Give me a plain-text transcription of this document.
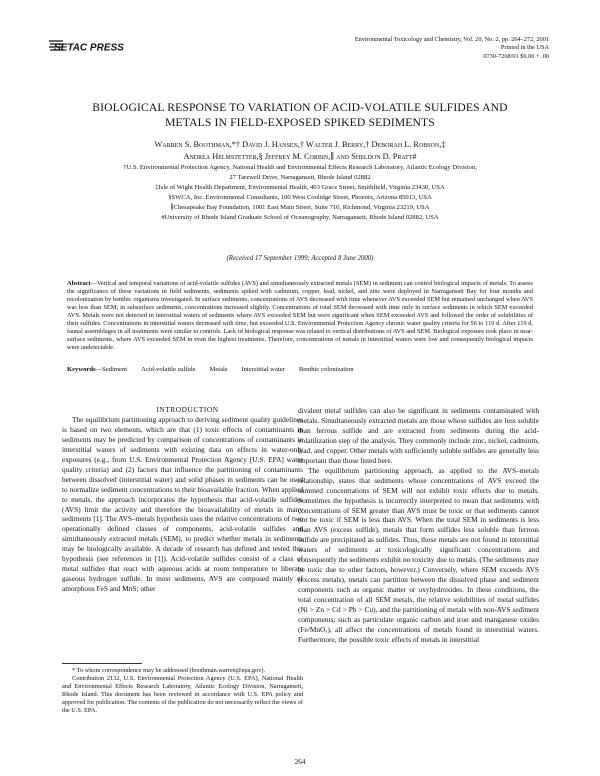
SETAC PRESS
Environmental Toxicology and Chemistry, Vol. 20, No. 2, pp. 264–272, 2001
Printed in the USA
0730-7268/01 $9.00 + .00
BIOLOGICAL RESPONSE TO VARIATION OF ACID-VOLATILE SULFIDES AND
METALS IN FIELD-EXPOSED SPIKED SEDIMENTS
Warren S. Boothman,*† David J. Hansen,† Walter J. Berry,† Deborah L. Robson,‡
Andrea Helmstetter,§ Jeffrey M. Corbin,∥ and Sheldon D. Pratt#
†U.S. Environmental Protection Agency, National Health and Environmental Effects Research Laboratory, Atlantic Ecology Division,
27 Tarzwell Drive, Narragansett, Rhode Island 02882
‡Isle of Wight Health Department, Environmental Health, 403 Grace Street, Smithfield, Virginia 23430, USA
§SWCA, Inc. Environmental Consultants, 100 West Coolidge Street, Phoenix, Arizona 85013, USA
∥Chesapeake Bay Foundation, 1001 East Main Street, Suite 710, Richmond, Virginia 23219, USA
#University of Rhode Island Graduate School of Oceanography, Narragansett, Rhode Island 02882, USA
(Received 17 September 1999; Accepted 8 June 2000)

Abstract—Vertical and temporal variations of acid-volatile sulfides (AVS) and simultaneously extracted metals (SEM) in sediment can control biological impacts of metals. To assess the significance of these variations in field sediments, sediments spiked with cadmium, copper, lead, nickel, and zinc were deployed in Narragansett Bay for four months and recolonization by benthic organisms investigated. In surface sediments, concentrations of AVS decreased with time whenever AVS exceeded SEM but remained unchanged when AVS was less than SEM; in subsurface sediments, concentrations increased slightly. Concentrations of total SEM decreased with time only in surface sediments in which SEM exceeded AVS. Metals were not detected in interstitial waters of sediments where AVS exceeded SEM but were significant when SEM exceeded AVS and followed the order of solubilities of their sulfides. Concentrations in interstitial waters decreased with time, but exceeded U.S. Environmental Protection Agency chronic water quality criteria for 56 to 119 d. After 119 d, faunal assemblages in all treatments were similar to controls. Lack of biological response was related to vertical distributions of AVS and SEM. Biological exposure took place in near-surface sediments, where AVS exceeded SEM in even the highest treatments. Therefore, concentrations of metals in interstitial waters were low and consequently biological impacts were undetectable.

Keywords—Sediment Acid-volatile sulfide Metals Interstitial water Benthic colonization

INTRODUCTION

The equilibrium partitioning approach to deriving sediment quality guidelines is based on two elements, which are that (1) toxic effects of contaminants in sediments may be predicted by comparison of concentrations of contaminants in interstitial waters of sediments with existing data on effects in water-only exposures (e.g., from U.S. Environmental Protection Agency [U.S. EPA] water quality criteria) and (2) factors that influence the partitioning of contaminants between dissolved (interstitial water) and solid phases in sediments can be used to normalize sediment concentrations to their bioavailable fraction. When applied to metals, the approach incorporates the hypothesis that acid-volatile sulfides (AVS) limit the activity and therefore the bioavailability of metals in many sediments [1]. The AVS–metals hypothesis uses the relative concentrations of two operationally defined classes of components, acid-volatile sulfides and simultaneously extracted metals (SEM), to predict whether metals in sediments may be biologically available. A decade of research has defined and tested this hypothesis (see references in [1]). Acid-volatile sulfides consist of a class of metal sulfides that react with aqueous acids at room temperature to liberate gaseous hydrogen sulfide. In most sediments, AVS are composed mainly of amorphous FeS and MnS; other

* To whom correspondence may be addressed (boothman.warren@epa.gov).

Contribution 2132, U.S. Environmental Protection Agency (U.S. EPA), National Health and Environmental Effects Research Laboratory, Atlantic Ecology Division, Narragansett, Rhode Island. This document has been reviewed in accordance with U.S. EPA policy and approved for publication. The contents of the publication do not necessarily reflect the views of the U.S. EPA.

divalent metal sulfides can also be significant in sediments contaminated with metals. Simultaneously extracted metals are those whose sulfides are less soluble than ferrous sulfide and are extracted from sediments during the acid-volatilization step of the analysis. They commonly include zinc, nickel, cadmium, lead, and copper. Other metals with sufficiently soluble sulfides are generally less important than those listed here.

The equilibrium partitioning approach, as applied to the AVS–metals relationship, states that sediments whose concentrations of AVS exceed the summed concentrations of SEM will not exhibit toxic effects due to metals. Sometimes the hypothesis is incorrectly interpreted to mean that sediments with concentrations of SEM greater than AVS must be toxic or that sediments cannot not be toxic if SEM is less than AVS. When the total SEM in sediments is less than AVS (excess sulfide), metals that form sulfides less soluble than ferrous sulfide are precipitated as sulfides. Thus, those metals are not found in interstitial waters of sediments at toxicologically significant concentrations and consequently the sediments exhibit no toxicity due to metals. (The sediments may be toxic due to other factors, however.) Conversely, where SEM exceeds AVS (excess metals), metals can partition between the dissolved phase and sediment components such as organic matter or oxyhydroxides. In these conditions, the total concentration of all SEM metals, the relative solubilities of metal sulfides (Ni > Zn > Cd > Pb > Cu), and the partitioning of metals with non-AVS sediment components, such as particulate organic carbon and iron and manganese oxides (Fe/MnOₓ), all affect the concentrations of metals found in interstitial waters. Furthermore, the possible toxic effects of metals in interstitial

264
